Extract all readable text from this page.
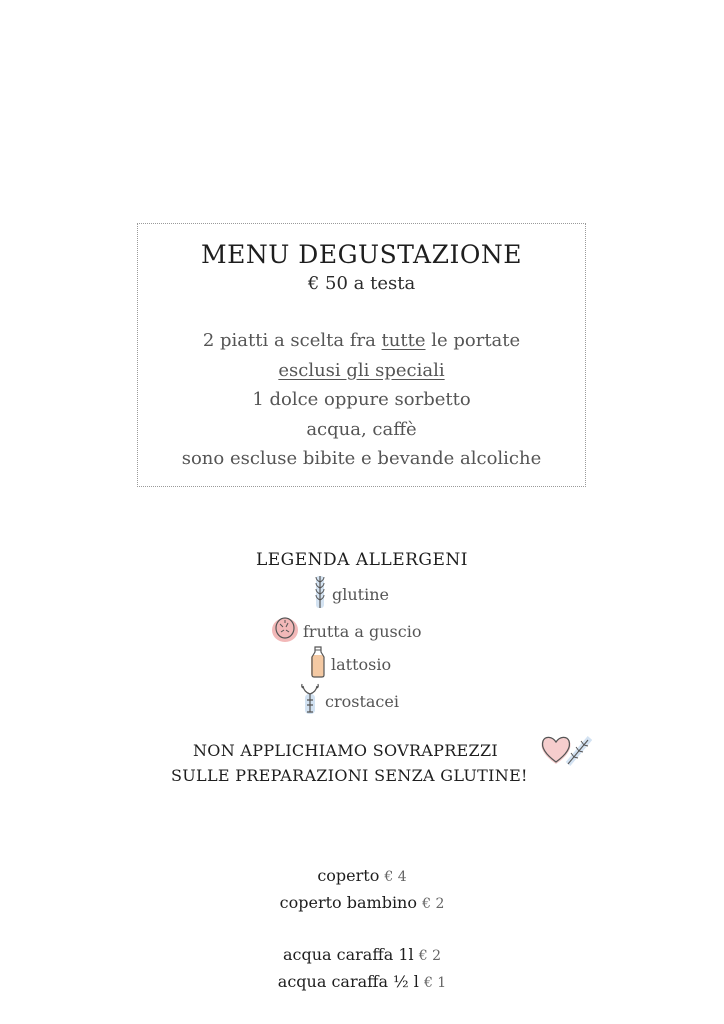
MENU DEGUSTAZIONE
€ 50 a testa
2 piatti a scelta fra tutte le portate
esclusi gli speciali
1 dolce oppure sorbetto
acqua, caffè
sono escluse bibite e bevande alcoliche
LEGENDA ALLERGENI
glutine
frutta a guscio
lattosio
crostacei
NON APPLICHIAMO SOVRAPREZZI
SULLE PREPARAZIONI SENZA GLUTINE!
coperto € 4
coperto bambino € 2
acqua caraffa 1l € 2
acqua caraffa ½ l € 1
